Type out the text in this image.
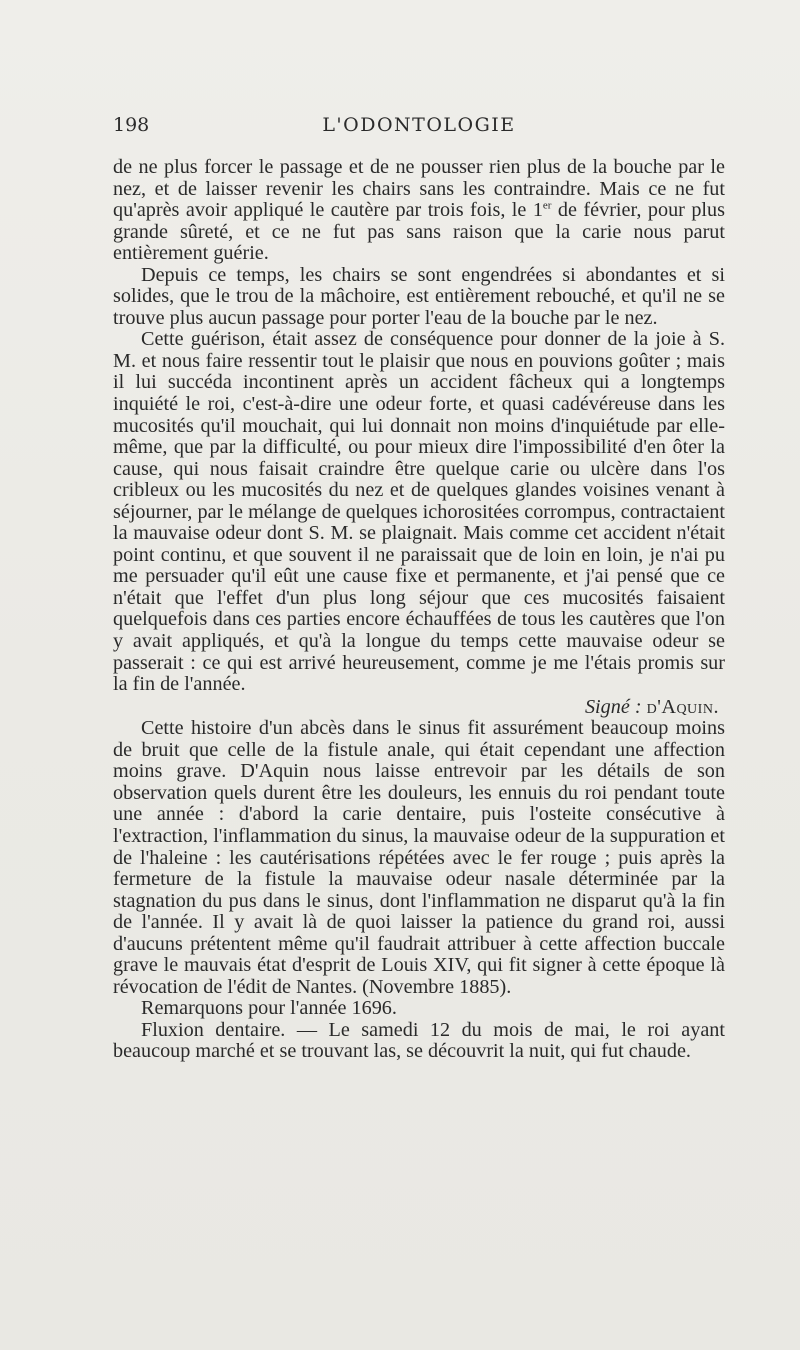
198	L'ODONTOLOGIE

de ne plus forcer le passage et de ne pousser rien plus de la bouche par le nez, et de laisser revenir les chairs sans les contraindre. Mais ce ne fut qu'après avoir appliqué le cautère par trois fois, le 1er de février, pour plus grande sûreté, et ce ne fut pas sans raison que la carie nous parut entièrement guérie.

Depuis ce temps, les chairs se sont engendrées si abondantes et si solides, que le trou de la mâchoire, est entièrement rebouché, et qu'il ne se trouve plus aucun passage pour porter l'eau de la bouche par le nez.

Cette guérison, était assez de conséquence pour donner de la joie à S. M. et nous faire ressentir tout le plaisir que nous en pouvions goûter ; mais il lui succéda incontinent après un accident fâcheux qui a longtemps inquiété le roi, c'est-à-dire une odeur forte, et quasi cadévéreuse dans les mucosités qu'il mouchait, qui lui donnait non moins d'inquiétude par elle-même, que par la difficulté, ou pour mieux dire l'impossibilité d'en ôter la cause, qui nous faisait craindre être quelque carie ou ulcère dans l'os cribleux ou les mucosités du nez et de quelques glandes voisines venant à séjourner, par le mélange de quelques ichorositées corrompus, contractaient la mauvaise odeur dont S. M. se plaignait. Mais comme cet accident n'était point continu, et que souvent il ne paraissait que de loin en loin, je n'ai pu me persuader qu'il eût une cause fixe et permanente, et j'ai pensé que ce n'était que l'effet d'un plus long séjour que ces mucosités faisaient quelquefois dans ces parties encore échauffées de tous les cautères que l'on y avait appliqués, et qu'à la longue du temps cette mauvaise odeur se passerait : ce qui est arrivé heureusement, comme je me l'étais promis sur la fin de l'année.

Signé : d'Aquin.

Cette histoire d'un abcès dans le sinus fit assurément beaucoup moins de bruit que celle de la fistule anale, qui était cependant une affection moins grave. D'Aquin nous laisse entrevoir par les détails de son observation quels durent être les douleurs, les ennuis du roi pendant toute une année : d'abord la carie dentaire, puis l'osteite consécutive à l'extraction, l'inflammation du sinus, la mauvaise odeur de la suppuration et de l'haleine : les cautérisations répétées avec le fer rouge ; puis après la fermeture de la fistule la mauvaise odeur nasale déterminée par la stagnation du pus dans le sinus, dont l'inflammation ne disparut qu'à la fin de l'année. Il y avait là de quoi laisser la patience du grand roi, aussi d'aucuns prétentent même qu'il faudrait attribuer à cette affection buccale grave le mauvais état d'esprit de Louis XIV, qui fit signer à cette époque là révocation de l'édit de Nantes. (Novembre 1885).

Remarquons pour l'année 1696.

Fluxion dentaire. — Le samedi 12 du mois de mai, le roi ayant beaucoup marché et se trouvant las, se découvrit la nuit, qui fut chaude.
